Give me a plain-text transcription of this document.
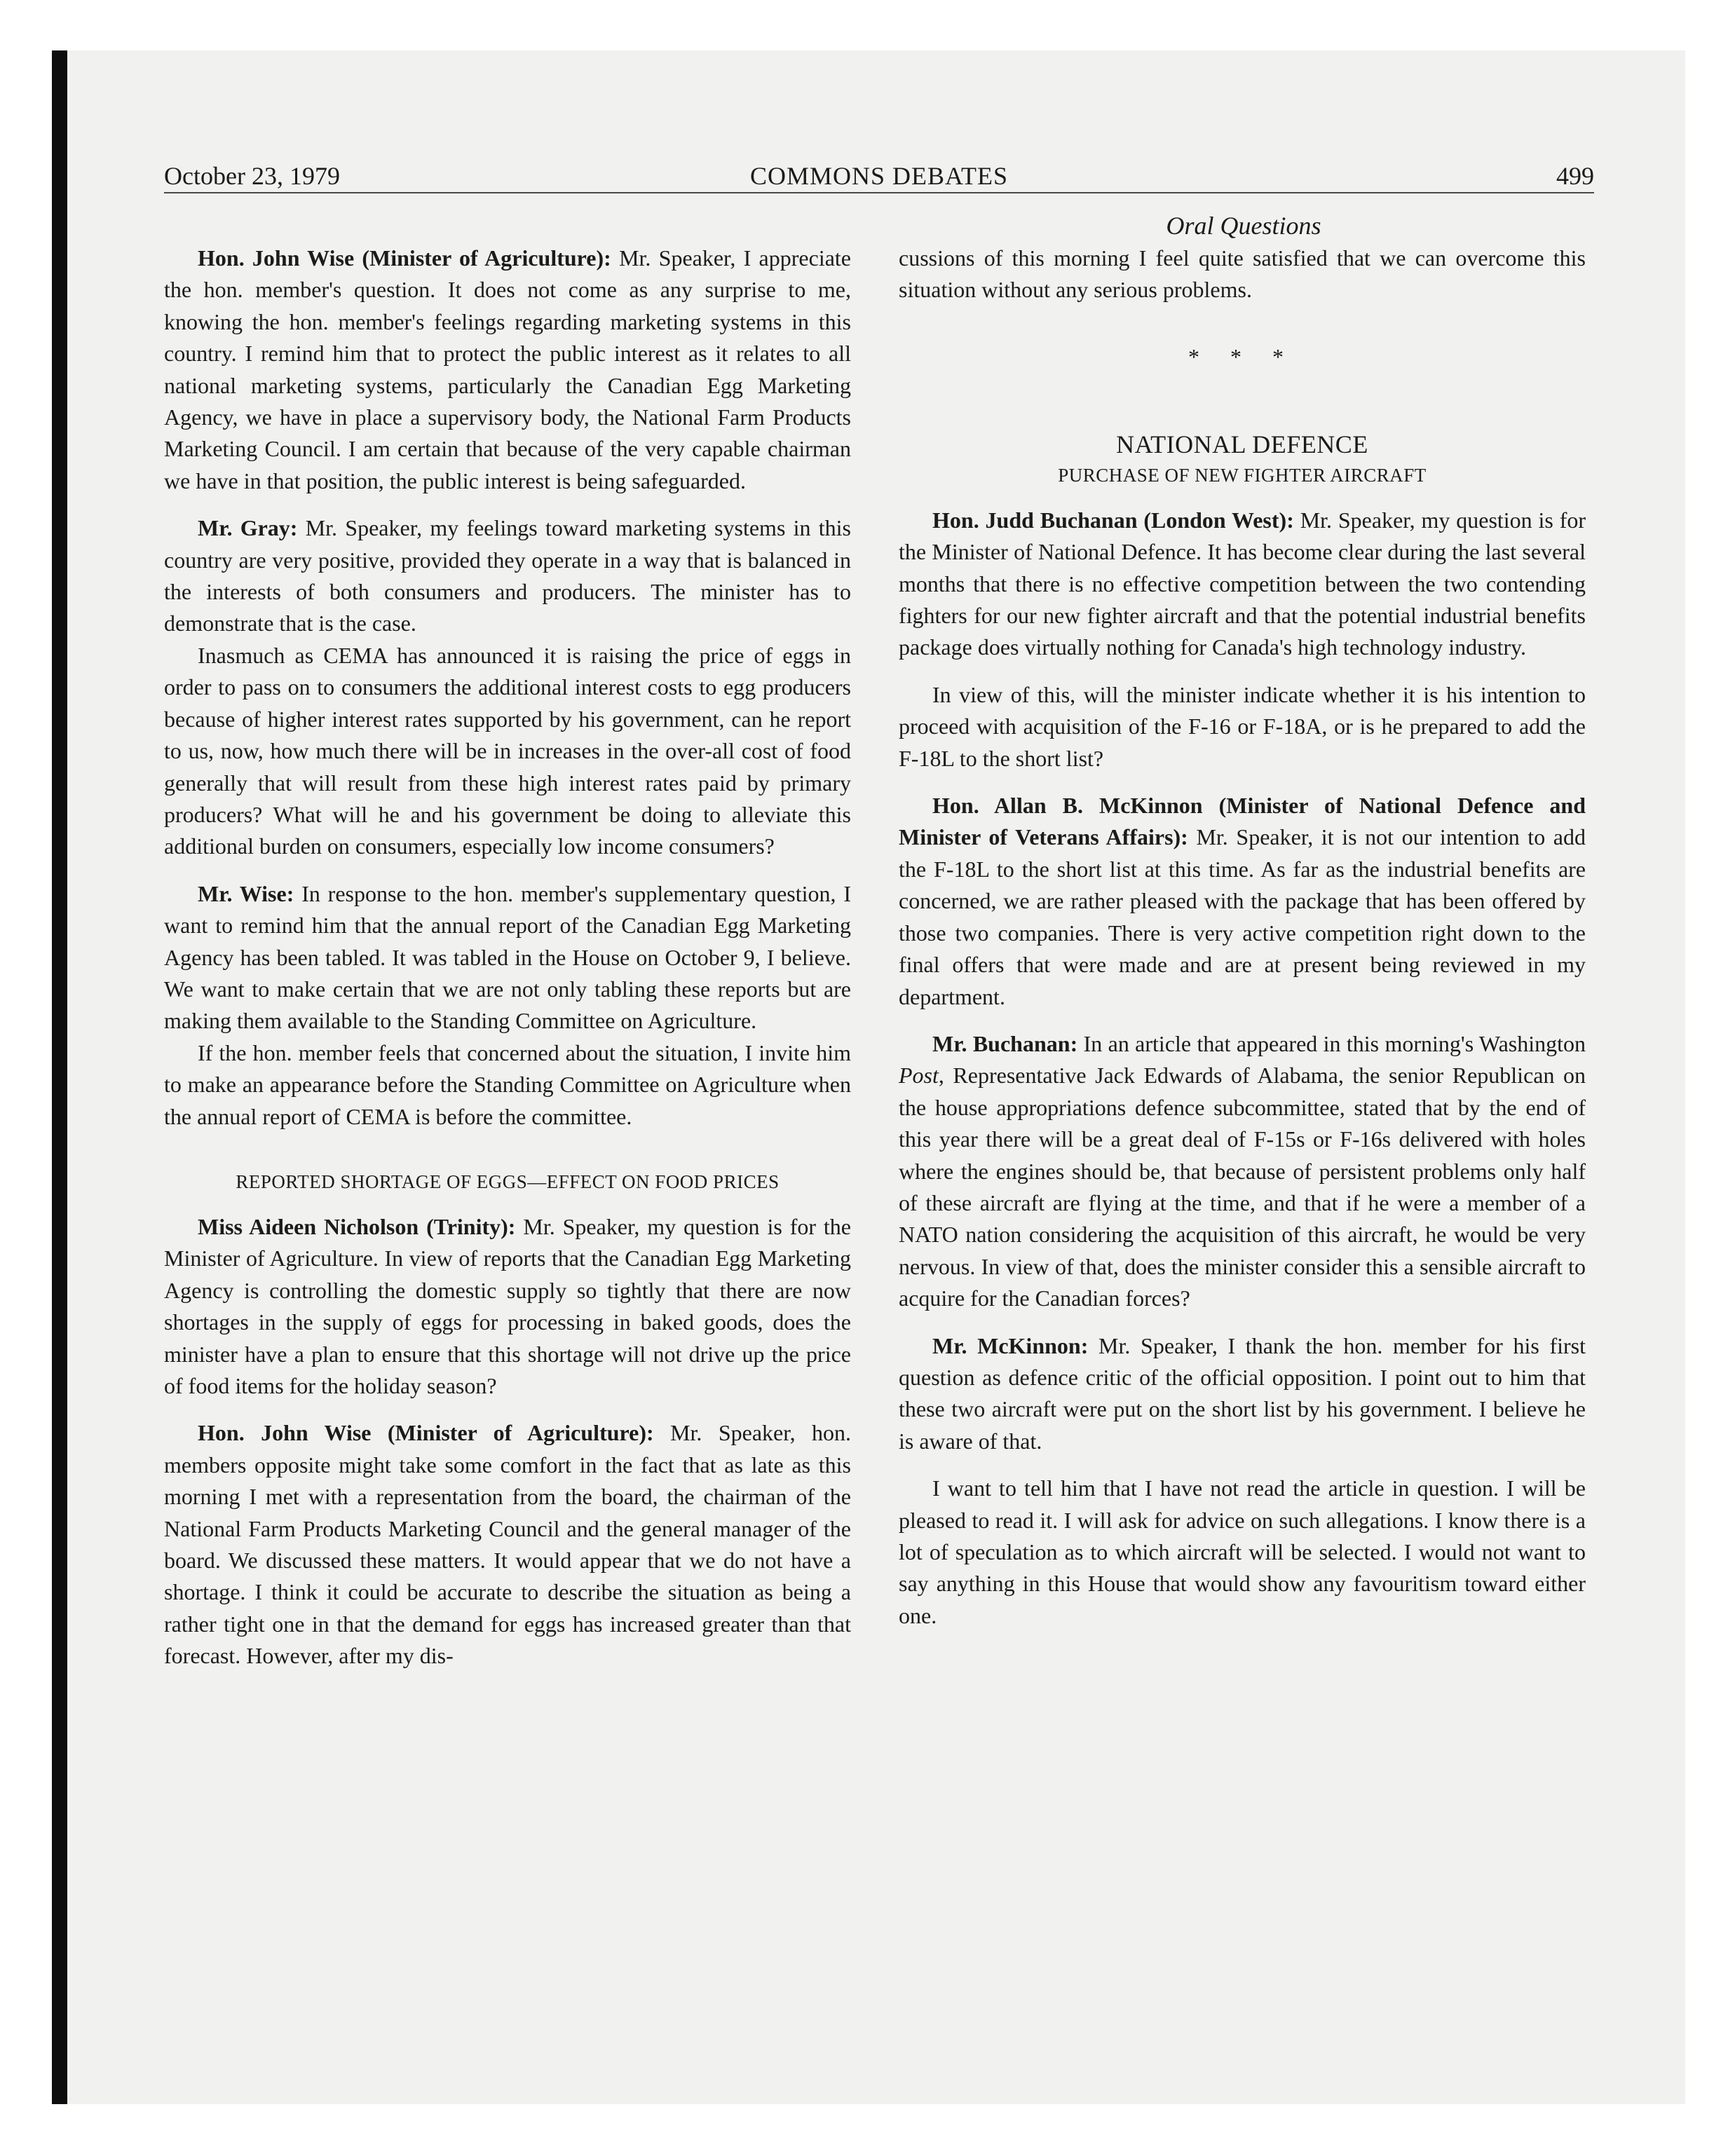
October 23, 1979	COMMONS DEBATES	499
Oral Questions

Hon. John Wise (Minister of Agriculture): Mr. Speaker, I appreciate the hon. member's question. It does not come as any surprise to me, knowing the hon. member's feelings regarding marketing systems in this country. I remind him that to protect the public interest as it relates to all national marketing systems, particularly the Canadian Egg Marketing Agency, we have in place a supervisory body, the National Farm Products Marketing Council. I am certain that because of the very capable chairman we have in that position, the public interest is being safeguarded.

Mr. Gray: Mr. Speaker, my feelings toward marketing systems in this country are very positive, provided they operate in a way that is balanced in the interests of both consumers and producers. The minister has to demonstrate that is the case.

Inasmuch as CEMA has announced it is raising the price of eggs in order to pass on to consumers the additional interest costs to egg producers because of higher interest rates supported by his government, can he report to us, now, how much there will be in increases in the over-all cost of food generally that will result from these high interest rates paid by primary producers? What will he and his government be doing to alleviate this additional burden on consumers, especially low income consumers?

Mr. Wise: In response to the hon. member's supplementary question, I want to remind him that the annual report of the Canadian Egg Marketing Agency has been tabled. It was tabled in the House on October 9, I believe. We want to make certain that we are not only tabling these reports but are making them available to the Standing Committee on Agriculture.

If the hon. member feels that concerned about the situation, I invite him to make an appearance before the Standing Committee on Agriculture when the annual report of CEMA is before the committee.

REPORTED SHORTAGE OF EGGS—EFFECT ON FOOD PRICES

Miss Aideen Nicholson (Trinity): Mr. Speaker, my question is for the Minister of Agriculture. In view of reports that the Canadian Egg Marketing Agency is controlling the domestic supply so tightly that there are now shortages in the supply of eggs for processing in baked goods, does the minister have a plan to ensure that this shortage will not drive up the price of food items for the holiday season?

Hon. John Wise (Minister of Agriculture): Mr. Speaker, hon. members opposite might take some comfort in the fact that as late as this morning I met with a representation from the board, the chairman of the National Farm Products Marketing Council and the general manager of the board. We discussed these matters. It would appear that we do not have a shortage. I think it could be accurate to describe the situation as being a rather tight one in that the demand for eggs has increased greater than that forecast. However, after my dis-

cussions of this morning I feel quite satisfied that we can overcome this situation without any serious problems.

* * *
NATIONAL DEFENCE
PURCHASE OF NEW FIGHTER AIRCRAFT

Hon. Judd Buchanan (London West): Mr. Speaker, my question is for the Minister of National Defence. It has become clear during the last several months that there is no effective competition between the two contending fighters for our new fighter aircraft and that the potential industrial benefits package does virtually nothing for Canada's high technology industry.

In view of this, will the minister indicate whether it is his intention to proceed with acquisition of the F-16 or F-18A, or is he prepared to add the F-18L to the short list?

Hon. Allan B. McKinnon (Minister of National Defence and Minister of Veterans Affairs): Mr. Speaker, it is not our intention to add the F-18L to the short list at this time. As far as the industrial benefits are concerned, we are rather pleased with the package that has been offered by those two companies. There is very active competition right down to the final offers that were made and are at present being reviewed in my department.

Mr. Buchanan: In an article that appeared in this morning's Washington Post, Representative Jack Edwards of Alabama, the senior Republican on the house appropriations defence subcommittee, stated that by the end of this year there will be a great deal of F-15s or F-16s delivered with holes where the engines should be, that because of persistent problems only half of these aircraft are flying at the time, and that if he were a member of a NATO nation considering the acquisition of this aircraft, he would be very nervous. In view of that, does the minister consider this a sensible aircraft to acquire for the Canadian forces?

Mr. McKinnon: Mr. Speaker, I thank the hon. member for his first question as defence critic of the official opposition. I point out to him that these two aircraft were put on the short list by his government. I believe he is aware of that.

I want to tell him that I have not read the article in question. I will be pleased to read it. I will ask for advice on such allegations. I know there is a lot of speculation as to which aircraft will be selected. I would not want to say anything in this House that would show any favouritism toward either one.
